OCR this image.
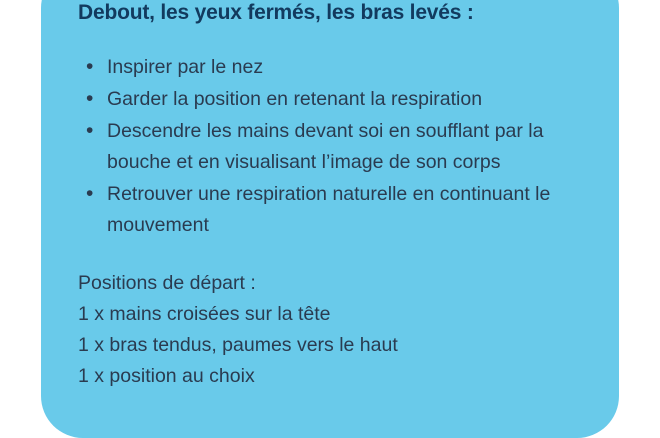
Debout, les yeux fermés, les bras levés :
• Inspirer par le nez
• Garder la position en retenant la respiration
• Descendre les mains devant soi en soufflant par la bouche et en visualisant l’image de son corps
• Retrouver une respiration naturelle en continuant le mouvement

Positions de départ :

1 x mains croisées sur la tête

1 x bras tendus, paumes vers le haut

1 x position au choix
